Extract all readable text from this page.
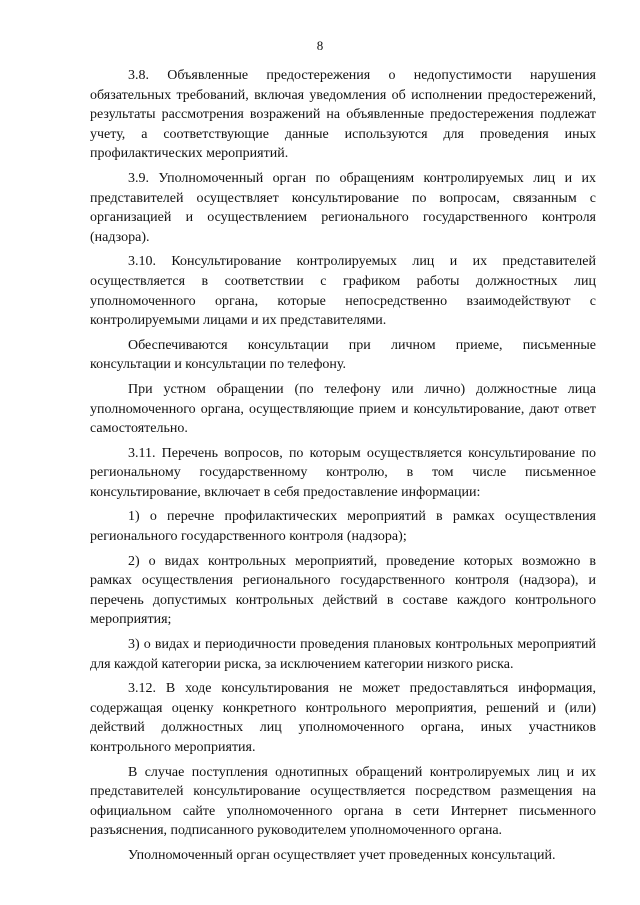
8

3.8. Объявленные предостережения о недопустимости нарушения обязательных требований, включая уведомления об исполнении предостережений, результаты рассмотрения возражений на объявленные предостережения подлежат учету, а соответствующие данные используются для проведения иных профилактических мероприятий.

3.9. Уполномоченный орган по обращениям контролируемых лиц и их представителей осуществляет консультирование по вопросам, связанным с организацией и осуществлением регионального государственного контроля (надзора).

3.10. Консультирование контролируемых лиц и их представителей осуществляется в соответствии с графиком работы должностных лиц уполномоченного органа, которые непосредственно взаимодействуют с контролируемыми лицами и их представителями.

Обеспечиваются консультации при личном приеме, письменные консультации и консультации по телефону.

При устном обращении (по телефону или лично) должностные лица уполномоченного органа, осуществляющие прием и консультирование, дают ответ самостоятельно.

3.11. Перечень вопросов, по которым осуществляется консультирование по региональному государственному контролю, в том числе письменное консультирование, включает в себя предоставление информации:

1) о перечне профилактических мероприятий в рамках осуществления регионального государственного контроля (надзора);

2) о видах контрольных мероприятий, проведение которых возможно в рамках осуществления регионального государственного контроля (надзора), и перечень допустимых контрольных действий в составе каждого контрольного мероприятия;

3) о видах и периодичности проведения плановых контрольных мероприятий для каждой категории риска, за исключением категории низкого риска.

3.12. В ходе консультирования не может предоставляться информация, содержащая оценку конкретного контрольного мероприятия, решений и (или) действий должностных лиц уполномоченного органа, иных участников контрольного мероприятия.

В случае поступления однотипных обращений контролируемых лиц и их представителей консультирование осуществляется посредством размещения на официальном сайте уполномоченного органа в сети Интернет письменного разъяснения, подписанного руководителем уполномоченного органа.

Уполномоченный орган осуществляет учет проведенных консультаций.
